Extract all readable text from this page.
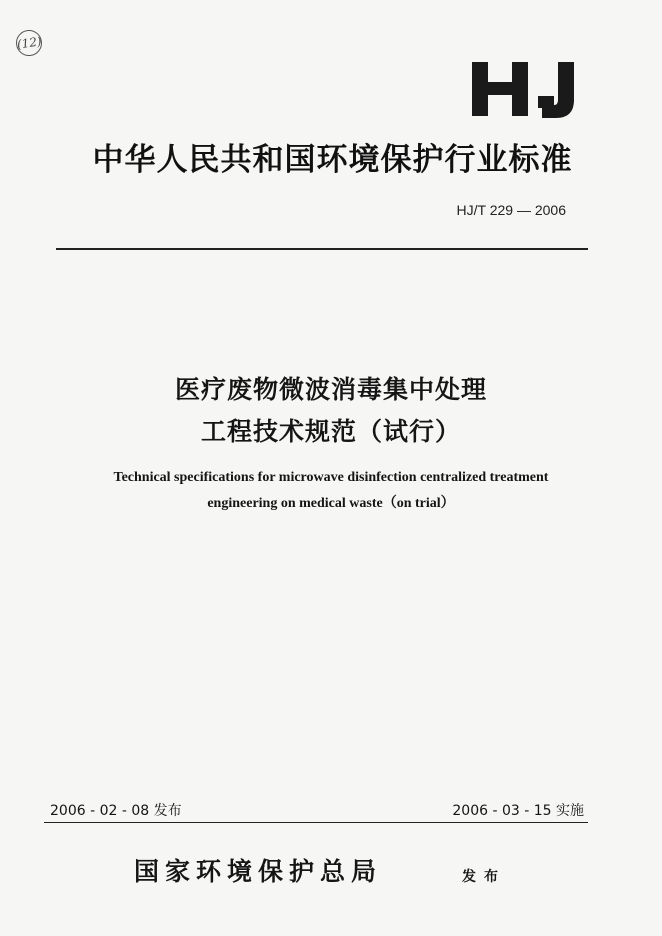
(12)
中华人民共和国环境保护行业标准
HJ/T 229 — 2006
医疗废物微波消毒集中处理
工程技术规范（试行）
Technical specifications for microwave disinfection centralized treatment
engineering on medical waste（on trial）
2006 - 02 - 08 发布	2006 - 03 - 15 实施
国家环境保护总局	发布
